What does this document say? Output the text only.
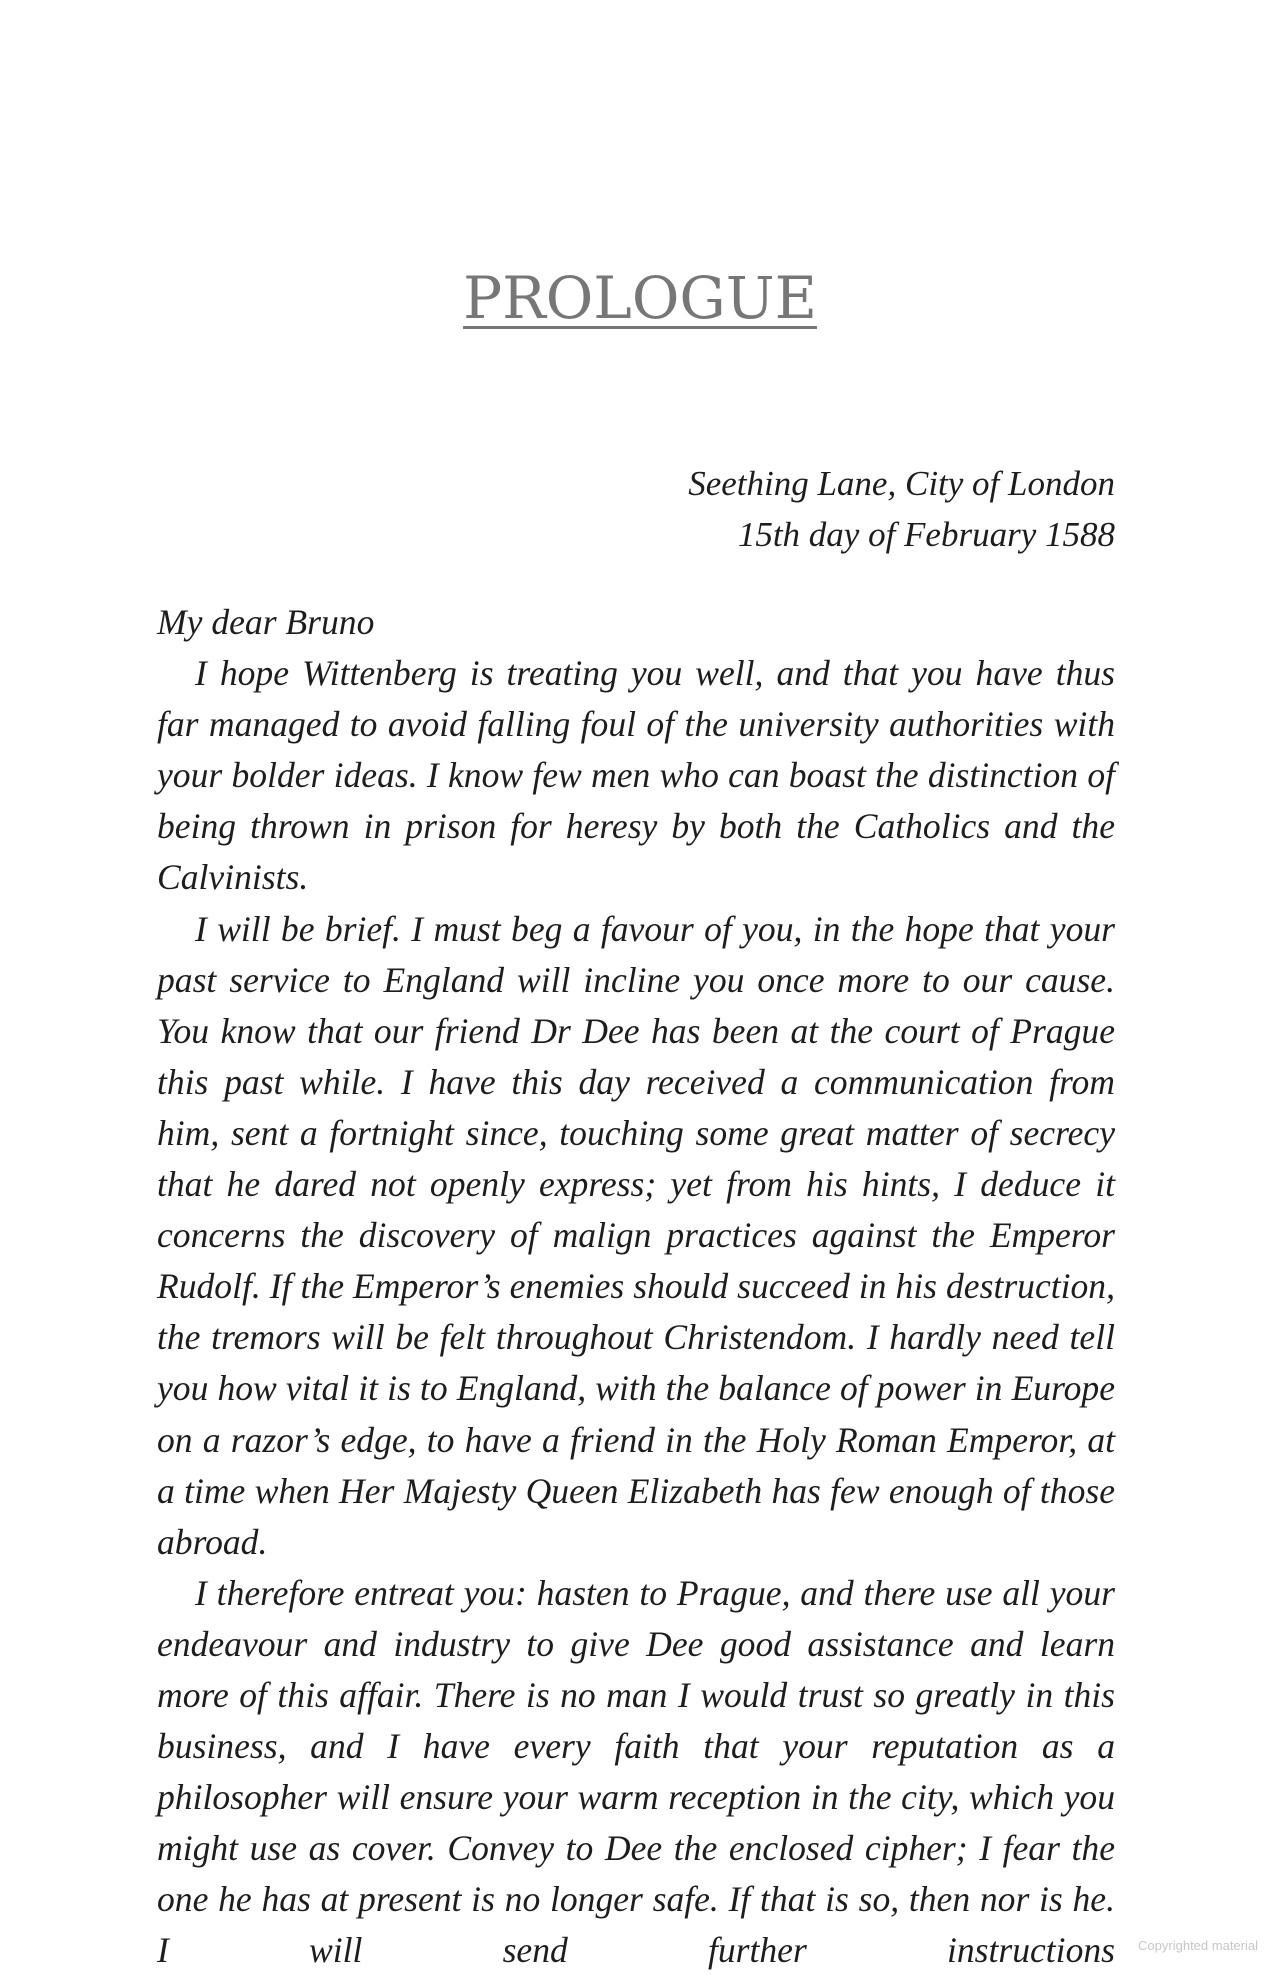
PROLOGUE
Seething Lane, City of London
15th day of February 1588

My dear Bruno

I hope Wittenberg is treating you well, and that you have thus far managed to avoid falling foul of the university authorities with your bolder ideas. I know few men who can boast the distinction of being thrown in prison for heresy by both the Catholics and the Calvinists.

I will be brief. I must beg a favour of you, in the hope that your past service to England will incline you once more to our cause. You know that our friend Dr Dee has been at the court of Prague this past while. I have this day received a communication from him, sent a fortnight since, touching some great matter of secrecy that he dared not openly express; yet from his hints, I deduce it concerns the discovery of malign practices against the Emperor Rudolf. If the Emperor’s enemies should succeed in his destruction, the tremors will be felt throughout Christendom. I hardly need tell you how vital it is to England, with the balance of power in Europe on a razor’s edge, to have a friend in the Holy Roman Emperor, at a time when Her Majesty Queen Elizabeth has few enough of those abroad.

I therefore entreat you: hasten to Prague, and there use all your endeavour and industry to give Dee good assistance and learn more of this affair. There is no man I would trust so greatly in this business, and I have every faith that your reputation as a philosopher will ensure your warm reception in the city, which you might use as cover. Convey to Dee the enclosed cipher; I fear the one he has at present is no longer safe. If that is so, then nor is he. I will send further instructions Copyrighted material
